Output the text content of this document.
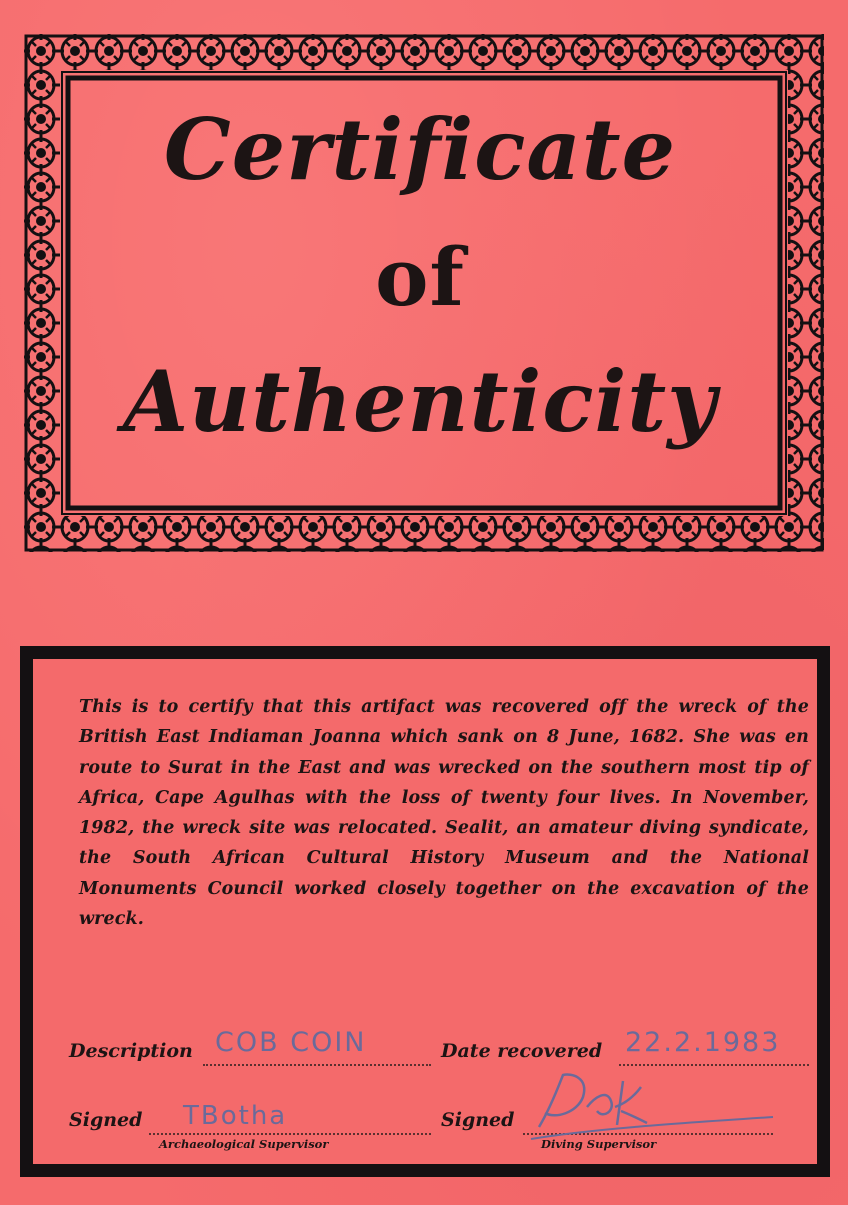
Certificate
of
Authenticity
This is to certify that this artifact was recovered off the wreck of the British East Indiaman Joanna which sank on 8 June, 1682. She was en route to Surat in the East and was wrecked on the southern most tip of Africa, Cape Agulhas with the loss of twenty four lives. In November, 1982, the wreck site was relocated. Sealit, an amateur diving syndicate, the South African Cultural History Museum and the National Monuments Council worked closely together on the excavation of the wreck.
Description COB COIN	Date recovered 22.2.1983
Signed TBotha
Archaeological Supervisor
Signed
Diving Supervisor
